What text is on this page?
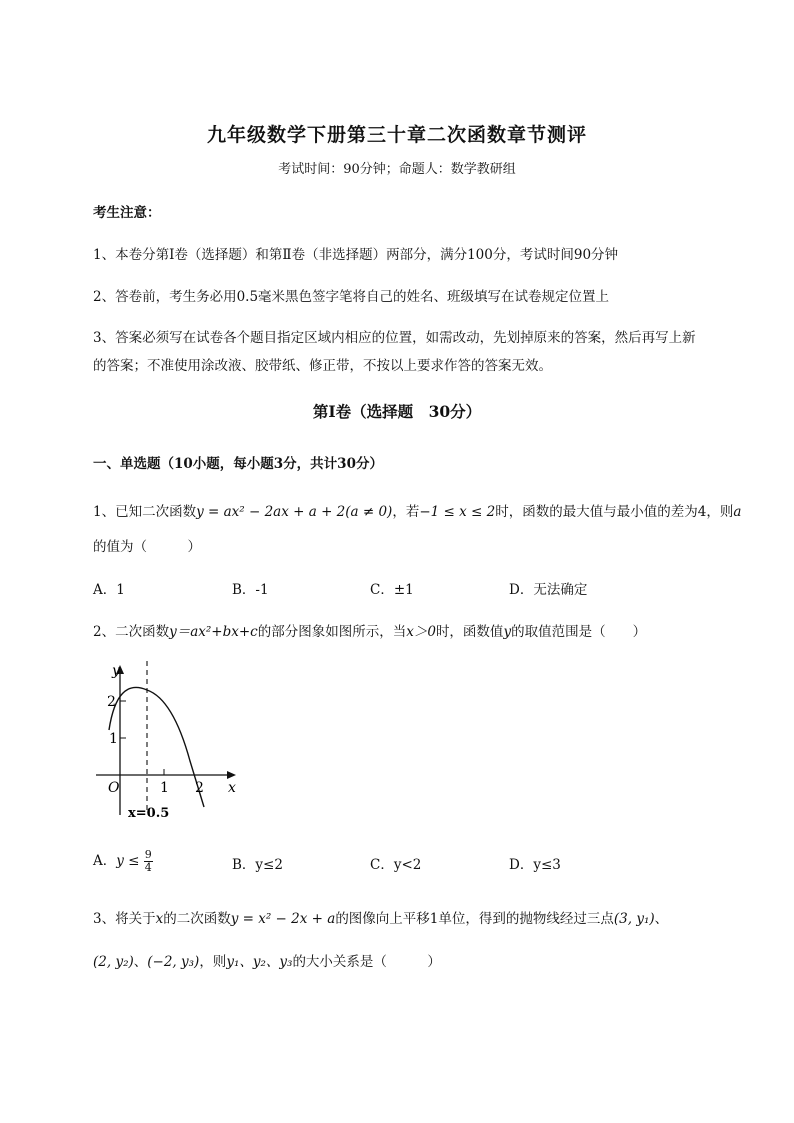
九年级数学下册第三十章二次函数章节测评
考试时间：90分钟；命题人：数学教研组
考生注意：
1、本卷分第I卷（选择题）和第Ⅱ卷（非选择题）两部分，满分100分，考试时间90分钟
2、答卷前，考生务必用0.5毫米黑色签字笔将自己的姓名、班级填写在试卷规定位置上
3、答案必须写在试卷各个题目指定区域内相应的位置，如需改动，先划掉原来的答案，然后再写上新
的答案；不准使用涂改液、胶带纸、修正带，不按以上要求作答的答案无效。
第I卷（选择题　30分）
一、单选题（10小题，每小题3分，共计30分）
1、已知二次函数y = ax² − 2ax + a + 2(a ≠ 0)，若−1 ≤ x ≤ 2时，函数的最大值与最小值的差为4，则a
的值为（　　　）
A．1	B．-1	C．±1	D．无法确定
2、二次函数y＝ax²+bx+c的部分图象如图所示，当x＞0时，函数值y的取值范围是（　　）
y
x
O
2
1
1 2
x=0.5
A．$y \le \frac{9}{4}$	B．y≤2	C．y<2	D．y≤3
3、将关于x的二次函数y = x² − 2x + a的图像向上平移1单位，得到的抛物线经过三点(3, y₁)、
(2, y₂)、(−2, y₃)，则y₁、y₂、y₃的大小关系是（　　　）
